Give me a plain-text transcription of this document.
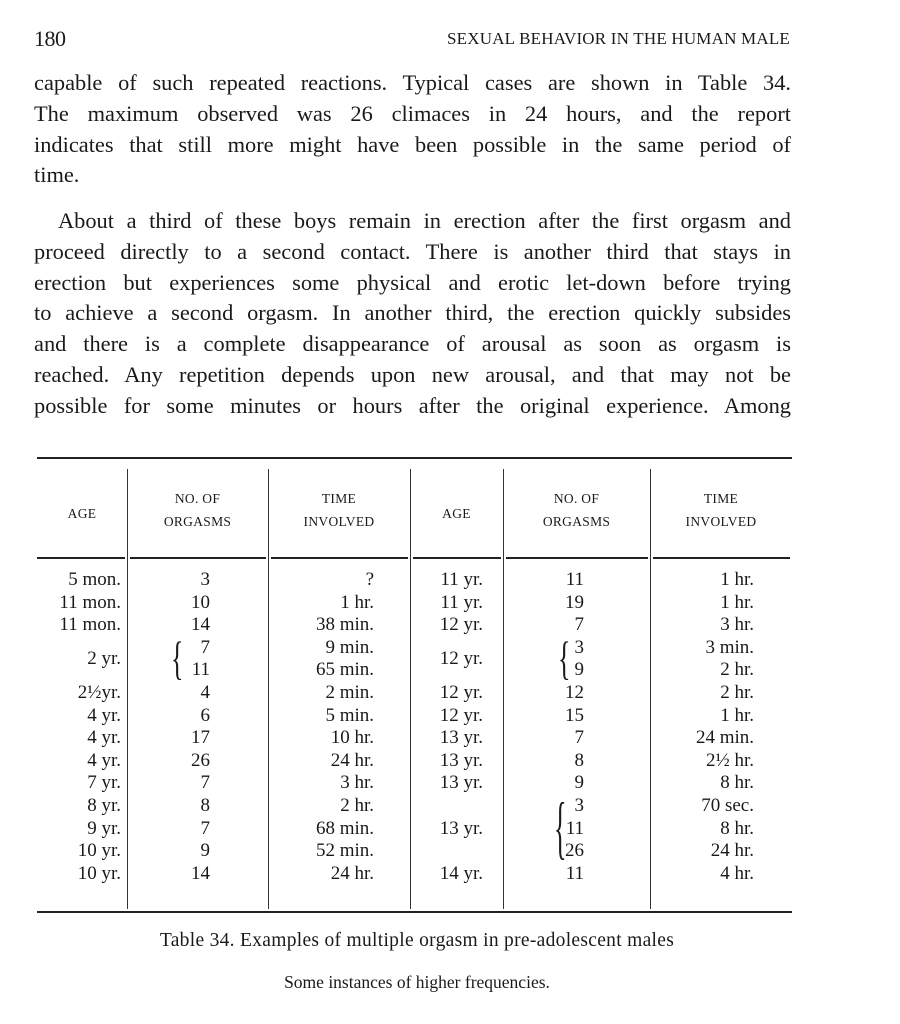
180	SEXUAL BEHAVIOR IN THE HUMAN MALE
capable of such repeated reactions. Typical cases are shown in Table 34.
The maximum observed was 26 climaces in 24 hours, and the report
indicates that still more might have been possible in the same period of
time.
About a third of these boys remain in erection after the first orgasm and
proceed directly to a second contact. There is another third that stays in
erection but experiences some physical and erotic let-down before trying
to achieve a second orgasm. In another third, the erection quickly subsides
and there is a complete disappearance of arousal as soon as orgasm is
reached. Any repetition depends upon new arousal, and that may not be
possible for some minutes or hours after the original experience. Among
AGE
NO. OF
ORGASMS
TIME
INVOLVED
AGE
NO. OF
ORGASMS
TIME
INVOLVED
5 mon.
11 mon.
11 mon.
2 yr.
2½yr.
4 yr.
4 yr.
4 yr.
7 yr.
8 yr.
9 yr.
10 yr.
10 yr.
3
10
14
7
11
4
6
17
26
7
8
7
9
14
{
?
1 hr.
38 min.
9 min.
65 min.
2 min.
5 min.
10 hr.
24 hr.
3 hr.
2 hr.
68 min.
52 min.
24 hr.
11 yr.
11 yr.
12 yr.
12 yr.
12 yr.
12 yr.
13 yr.
13 yr.
13 yr.
13 yr.
14 yr.
11
19
7
3
9
12
15
7
8
9
3
11
26
11
{
{
1 hr.
1 hr.
3 hr.
3 min.
2 hr.
2 hr.
1 hr.
24 min.
2½ hr.
8 hr.
70 sec.
8 hr.
24 hr.
4 hr.
Table 34. Examples of multiple orgasm in pre-adolescent males
Some instances of higher frequencies.
